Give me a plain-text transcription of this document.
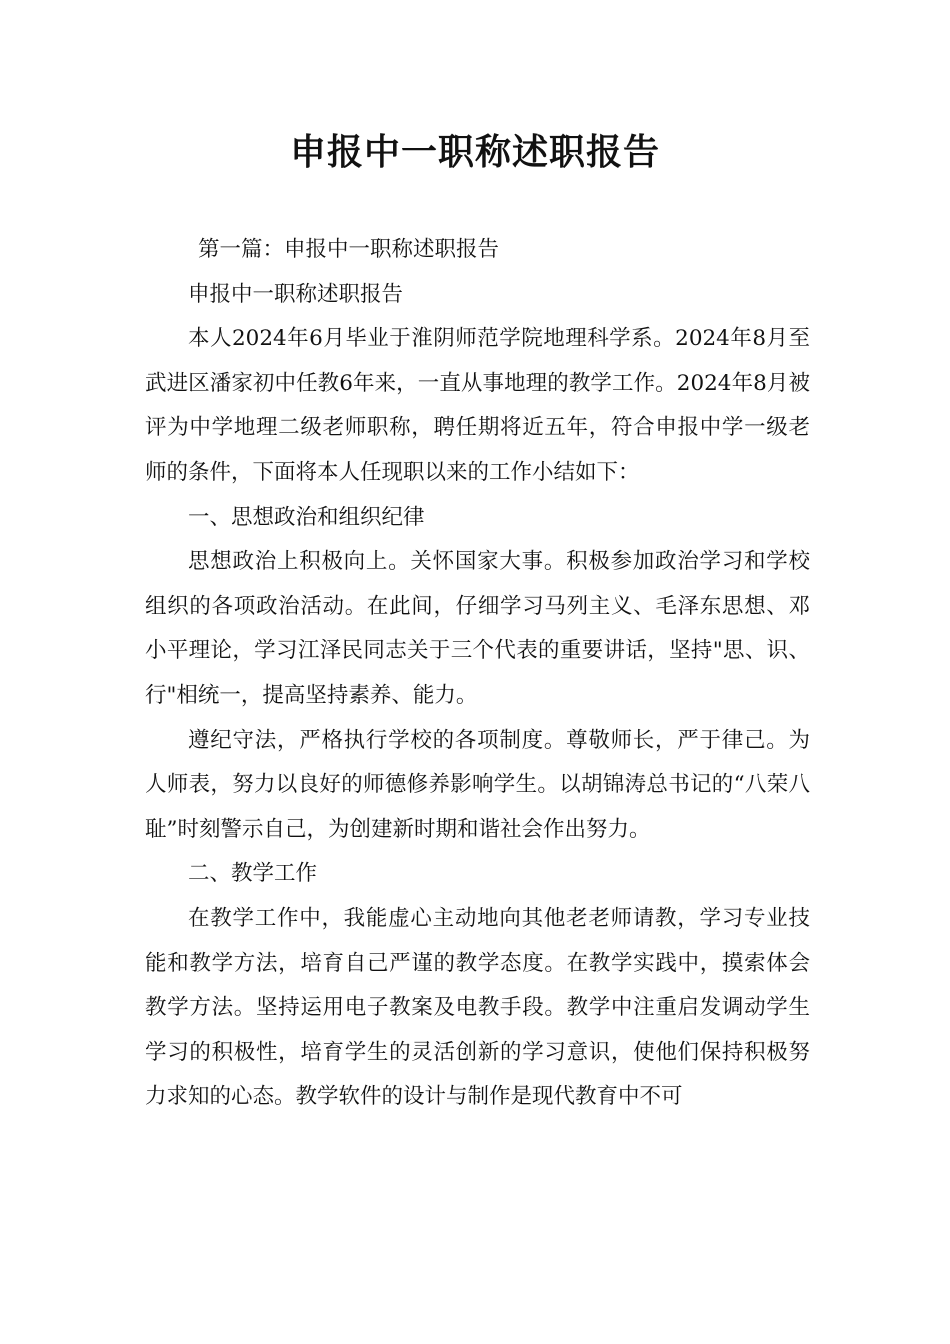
申报中一职称述职报告

第一篇：申报中一职称述职报告

申报中一职称述职报告

本人2024年6月毕业于淮阴师范学院地理科学系。2024年8月至武进区潘家初中任教6年来，一直从事地理的教学工作。2024年8月被评为中学地理二级老师职称，聘任期将近五年，符合申报中学一级老师的条件，下面将本人任现职以来的工作小结如下：

一、思想政治和组织纪律

思想政治上积极向上。关怀国家大事。积极参加政治学习和学校组织的各项政治活动。在此间，仔细学习马列主义、毛泽东思想、邓小平理论，学习江泽民同志关于三个代表的重要讲话，坚持"思、识、行"相统一，提高坚持素养、能力。

遵纪守法，严格执行学校的各项制度。尊敬师长，严于律己。为人师表，努力以良好的师德修养影响学生。以胡锦涛总书记的“八荣八耻”时刻警示自己，为创建新时期和谐社会作出努力。

二、教学工作

在教学工作中，我能虚心主动地向其他老老师请教，学习专业技能和教学方法，培育自己严谨的教学态度。在教学实践中，摸索体会教学方法。坚持运用电子教案及电教手段。教学中注重启发调动学生学习的积极性，培育学生的灵活创新的学习意识，使他们保持积极努力求知的心态。教学软件的设计与制作是现代教育中不可
